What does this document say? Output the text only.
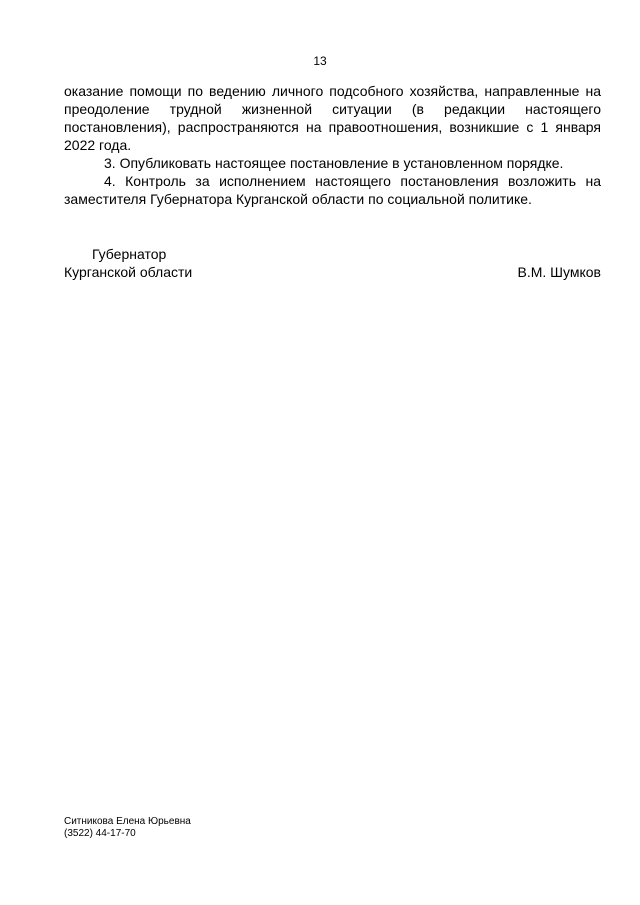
13

оказание помощи по ведению личного подсобного хозяйства, направленные на преодоление трудной жизненной ситуации (в редакции настоящего постановления), распространяются на правоотношения, возникшие с 1 января 2022 года.

3. Опубликовать настоящее постановление в установленном порядке.

4. Контроль за исполнением настоящего постановления возложить на заместителя Губернатора Курганской области по социальной политике.

Губернатор
Курганской области	В.М. Шумков
Ситникова Елена Юрьевна
(3522) 44-17-70
